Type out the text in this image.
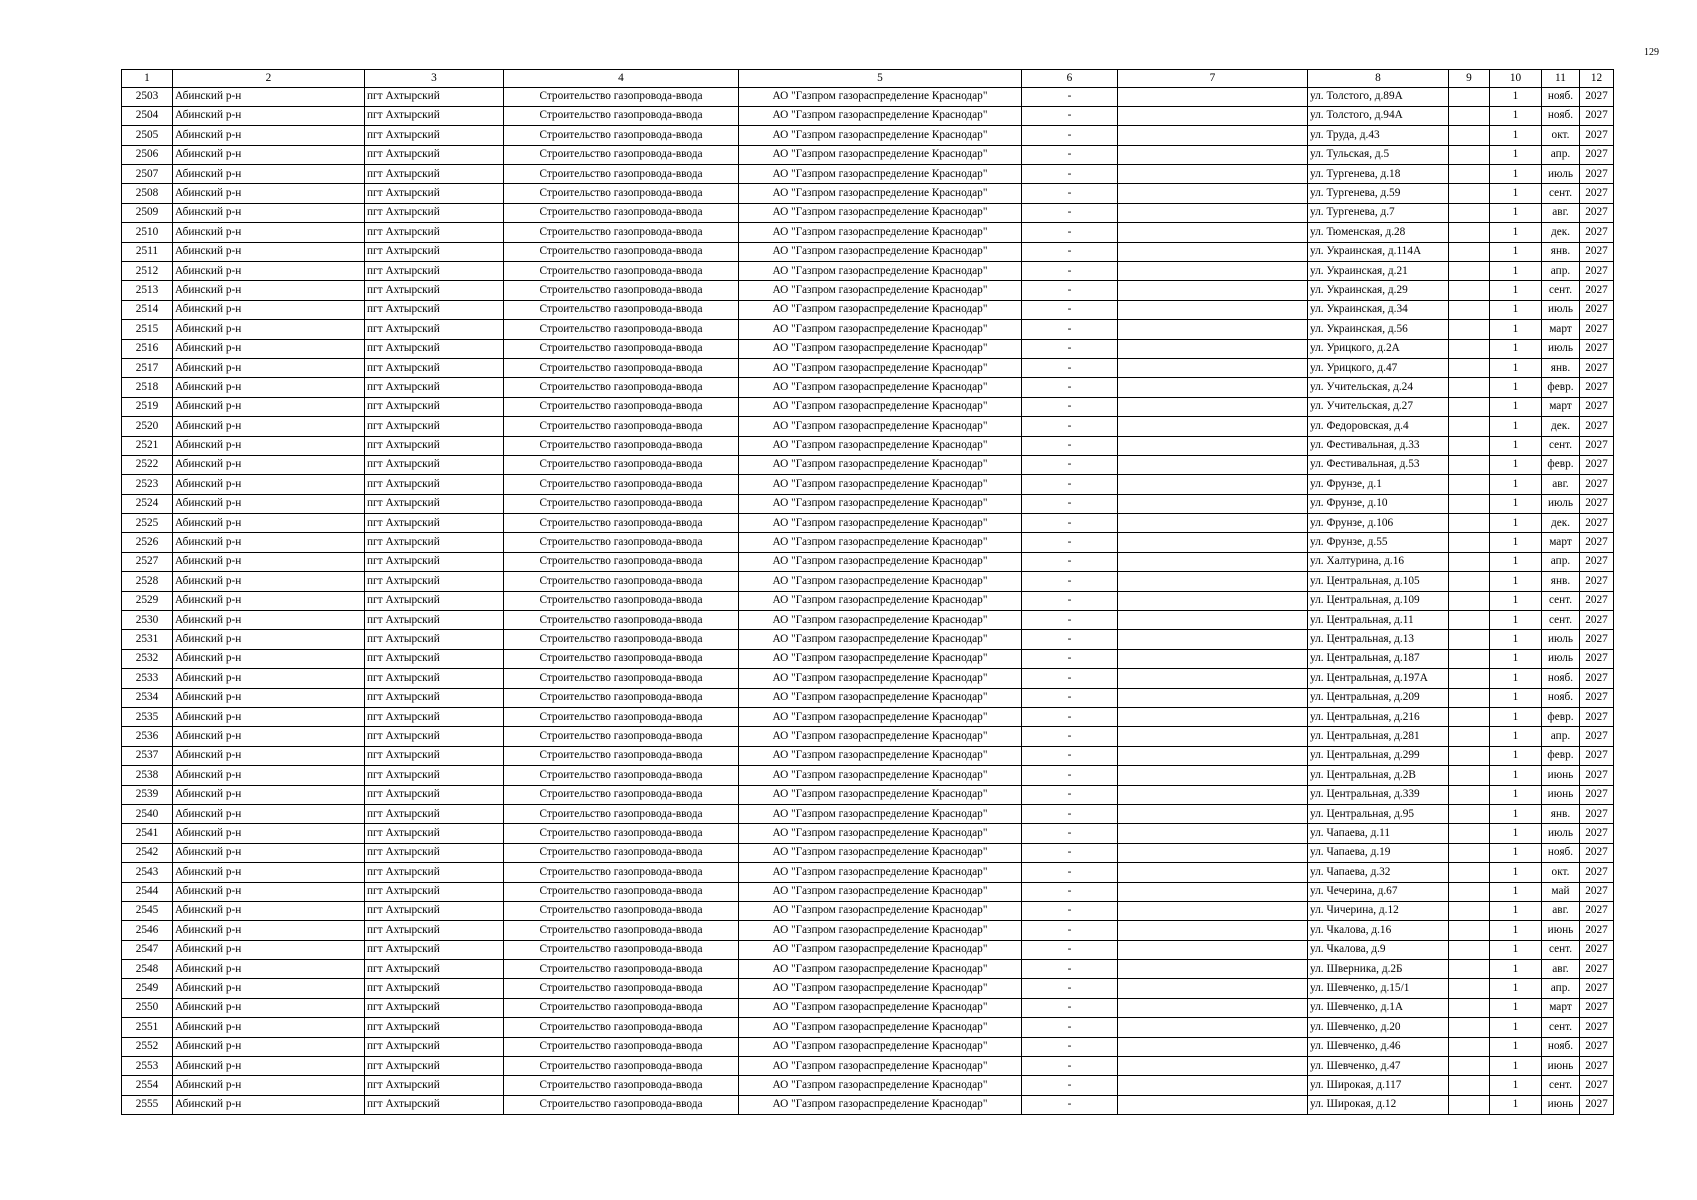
129
1	2	3	4	5	6	7	8	9	10	11	12
2503	Абинский р-н	пгт Ахтырский	Строительство газопровода-ввода	АО "Газпром газораспределение Краснодар"	-		ул. Толстого, д.89А		1	нояб.	2027
2504	Абинский р-н	пгт Ахтырский	Строительство газопровода-ввода	АО "Газпром газораспределение Краснодар"	-		ул. Толстого, д.94А		1	нояб.	2027
2505	Абинский р-н	пгт Ахтырский	Строительство газопровода-ввода	АО "Газпром газораспределение Краснодар"	-		ул. Труда, д.43		1	окт.	2027
2506	Абинский р-н	пгт Ахтырский	Строительство газопровода-ввода	АО "Газпром газораспределение Краснодар"	-		ул. Тульская, д.5		1	апр.	2027
2507	Абинский р-н	пгт Ахтырский	Строительство газопровода-ввода	АО "Газпром газораспределение Краснодар"	-		ул. Тургенева, д.18		1	июль	2027
2508	Абинский р-н	пгт Ахтырский	Строительство газопровода-ввода	АО "Газпром газораспределение Краснодар"	-		ул. Тургенева, д.59		1	сент.	2027
2509	Абинский р-н	пгт Ахтырский	Строительство газопровода-ввода	АО "Газпром газораспределение Краснодар"	-		ул. Тургенева, д.7		1	авг.	2027
2510	Абинский р-н	пгт Ахтырский	Строительство газопровода-ввода	АО "Газпром газораспределение Краснодар"	-		ул. Тюменская, д.28		1	дек.	2027
2511	Абинский р-н	пгт Ахтырский	Строительство газопровода-ввода	АО "Газпром газораспределение Краснодар"	-		ул. Украинская, д.114А		1	янв.	2027
2512	Абинский р-н	пгт Ахтырский	Строительство газопровода-ввода	АО "Газпром газораспределение Краснодар"	-		ул. Украинская, д.21		1	апр.	2027
2513	Абинский р-н	пгт Ахтырский	Строительство газопровода-ввода	АО "Газпром газораспределение Краснодар"	-		ул. Украинская, д.29		1	сент.	2027
2514	Абинский р-н	пгт Ахтырский	Строительство газопровода-ввода	АО "Газпром газораспределение Краснодар"	-		ул. Украинская, д.34		1	июль	2027
2515	Абинский р-н	пгт Ахтырский	Строительство газопровода-ввода	АО "Газпром газораспределение Краснодар"	-		ул. Украинская, д.56		1	март	2027
2516	Абинский р-н	пгт Ахтырский	Строительство газопровода-ввода	АО "Газпром газораспределение Краснодар"	-		ул. Урицкого, д.2А		1	июль	2027
2517	Абинский р-н	пгт Ахтырский	Строительство газопровода-ввода	АО "Газпром газораспределение Краснодар"	-		ул. Урицкого, д.47		1	янв.	2027
2518	Абинский р-н	пгт Ахтырский	Строительство газопровода-ввода	АО "Газпром газораспределение Краснодар"	-		ул. Учительская, д.24		1	февр.	2027
2519	Абинский р-н	пгт Ахтырский	Строительство газопровода-ввода	АО "Газпром газораспределение Краснодар"	-		ул. Учительская, д.27		1	март	2027
2520	Абинский р-н	пгт Ахтырский	Строительство газопровода-ввода	АО "Газпром газораспределение Краснодар"	-		ул. Федоровская, д.4		1	дек.	2027
2521	Абинский р-н	пгт Ахтырский	Строительство газопровода-ввода	АО "Газпром газораспределение Краснодар"	-		ул. Фестивальная, д.33		1	сент.	2027
2522	Абинский р-н	пгт Ахтырский	Строительство газопровода-ввода	АО "Газпром газораспределение Краснодар"	-		ул. Фестивальная, д.53		1	февр.	2027
2523	Абинский р-н	пгт Ахтырский	Строительство газопровода-ввода	АО "Газпром газораспределение Краснодар"	-		ул. Фрунзе, д.1		1	авг.	2027
2524	Абинский р-н	пгт Ахтырский	Строительство газопровода-ввода	АО "Газпром газораспределение Краснодар"	-		ул. Фрунзе, д.10		1	июль	2027
2525	Абинский р-н	пгт Ахтырский	Строительство газопровода-ввода	АО "Газпром газораспределение Краснодар"	-		ул. Фрунзе, д.106		1	дек.	2027
2526	Абинский р-н	пгт Ахтырский	Строительство газопровода-ввода	АО "Газпром газораспределение Краснодар"	-		ул. Фрунзе, д.55		1	март	2027
2527	Абинский р-н	пгт Ахтырский	Строительство газопровода-ввода	АО "Газпром газораспределение Краснодар"	-		ул. Халтурина, д.16		1	апр.	2027
2528	Абинский р-н	пгт Ахтырский	Строительство газопровода-ввода	АО "Газпром газораспределение Краснодар"	-		ул. Центральная, д.105		1	янв.	2027
2529	Абинский р-н	пгт Ахтырский	Строительство газопровода-ввода	АО "Газпром газораспределение Краснодар"	-		ул. Центральная, д.109		1	сент.	2027
2530	Абинский р-н	пгт Ахтырский	Строительство газопровода-ввода	АО "Газпром газораспределение Краснодар"	-		ул. Центральная, д.11		1	сент.	2027
2531	Абинский р-н	пгт Ахтырский	Строительство газопровода-ввода	АО "Газпром газораспределение Краснодар"	-		ул. Центральная, д.13		1	июль	2027
2532	Абинский р-н	пгт Ахтырский	Строительство газопровода-ввода	АО "Газпром газораспределение Краснодар"	-		ул. Центральная, д.187		1	июль	2027
2533	Абинский р-н	пгт Ахтырский	Строительство газопровода-ввода	АО "Газпром газораспределение Краснодар"	-		ул. Центральная, д.197А		1	нояб.	2027
2534	Абинский р-н	пгт Ахтырский	Строительство газопровода-ввода	АО "Газпром газораспределение Краснодар"	-		ул. Центральная, д.209		1	нояб.	2027
2535	Абинский р-н	пгт Ахтырский	Строительство газопровода-ввода	АО "Газпром газораспределение Краснодар"	-		ул. Центральная, д.216		1	февр.	2027
2536	Абинский р-н	пгт Ахтырский	Строительство газопровода-ввода	АО "Газпром газораспределение Краснодар"	-		ул. Центральная, д.281		1	апр.	2027
2537	Абинский р-н	пгт Ахтырский	Строительство газопровода-ввода	АО "Газпром газораспределение Краснодар"	-		ул. Центральная, д.299		1	февр.	2027
2538	Абинский р-н	пгт Ахтырский	Строительство газопровода-ввода	АО "Газпром газораспределение Краснодар"	-		ул. Центральная, д.2В		1	июнь	2027
2539	Абинский р-н	пгт Ахтырский	Строительство газопровода-ввода	АО "Газпром газораспределение Краснодар"	-		ул. Центральная, д.339		1	июнь	2027
2540	Абинский р-н	пгт Ахтырский	Строительство газопровода-ввода	АО "Газпром газораспределение Краснодар"	-		ул. Центральная, д.95		1	янв.	2027
2541	Абинский р-н	пгт Ахтырский	Строительство газопровода-ввода	АО "Газпром газораспределение Краснодар"	-		ул. Чапаева, д.11		1	июль	2027
2542	Абинский р-н	пгт Ахтырский	Строительство газопровода-ввода	АО "Газпром газораспределение Краснодар"	-		ул. Чапаева, д.19		1	нояб.	2027
2543	Абинский р-н	пгт Ахтырский	Строительство газопровода-ввода	АО "Газпром газораспределение Краснодар"	-		ул. Чапаева, д.32		1	окт.	2027
2544	Абинский р-н	пгт Ахтырский	Строительство газопровода-ввода	АО "Газпром газораспределение Краснодар"	-		ул. Чечерина, д.67		1	май	2027
2545	Абинский р-н	пгт Ахтырский	Строительство газопровода-ввода	АО "Газпром газораспределение Краснодар"	-		ул. Чичерина, д.12		1	авг.	2027
2546	Абинский р-н	пгт Ахтырский	Строительство газопровода-ввода	АО "Газпром газораспределение Краснодар"	-		ул. Чкалова, д.16		1	июнь	2027
2547	Абинский р-н	пгт Ахтырский	Строительство газопровода-ввода	АО "Газпром газораспределение Краснодар"	-		ул. Чкалова, д.9		1	сент.	2027
2548	Абинский р-н	пгт Ахтырский	Строительство газопровода-ввода	АО "Газпром газораспределение Краснодар"	-		ул. Шверника, д.2Б		1	авг.	2027
2549	Абинский р-н	пгт Ахтырский	Строительство газопровода-ввода	АО "Газпром газораспределение Краснодар"	-		ул. Шевченко, д.15/1		1	апр.	2027
2550	Абинский р-н	пгт Ахтырский	Строительство газопровода-ввода	АО "Газпром газораспределение Краснодар"	-		ул. Шевченко, д.1А		1	март	2027
2551	Абинский р-н	пгт Ахтырский	Строительство газопровода-ввода	АО "Газпром газораспределение Краснодар"	-		ул. Шевченко, д.20		1	сент.	2027
2552	Абинский р-н	пгт Ахтырский	Строительство газопровода-ввода	АО "Газпром газораспределение Краснодар"	-		ул. Шевченко, д.46		1	нояб.	2027
2553	Абинский р-н	пгт Ахтырский	Строительство газопровода-ввода	АО "Газпром газораспределение Краснодар"	-		ул. Шевченко, д.47		1	июнь	2027
2554	Абинский р-н	пгт Ахтырский	Строительство газопровода-ввода	АО "Газпром газораспределение Краснодар"	-		ул. Широкая, д.117		1	сент.	2027
2555	Абинский р-н	пгт Ахтырский	Строительство газопровода-ввода	АО "Газпром газораспределение Краснодар"	-		ул. Широкая, д.12		1	июнь	2027
